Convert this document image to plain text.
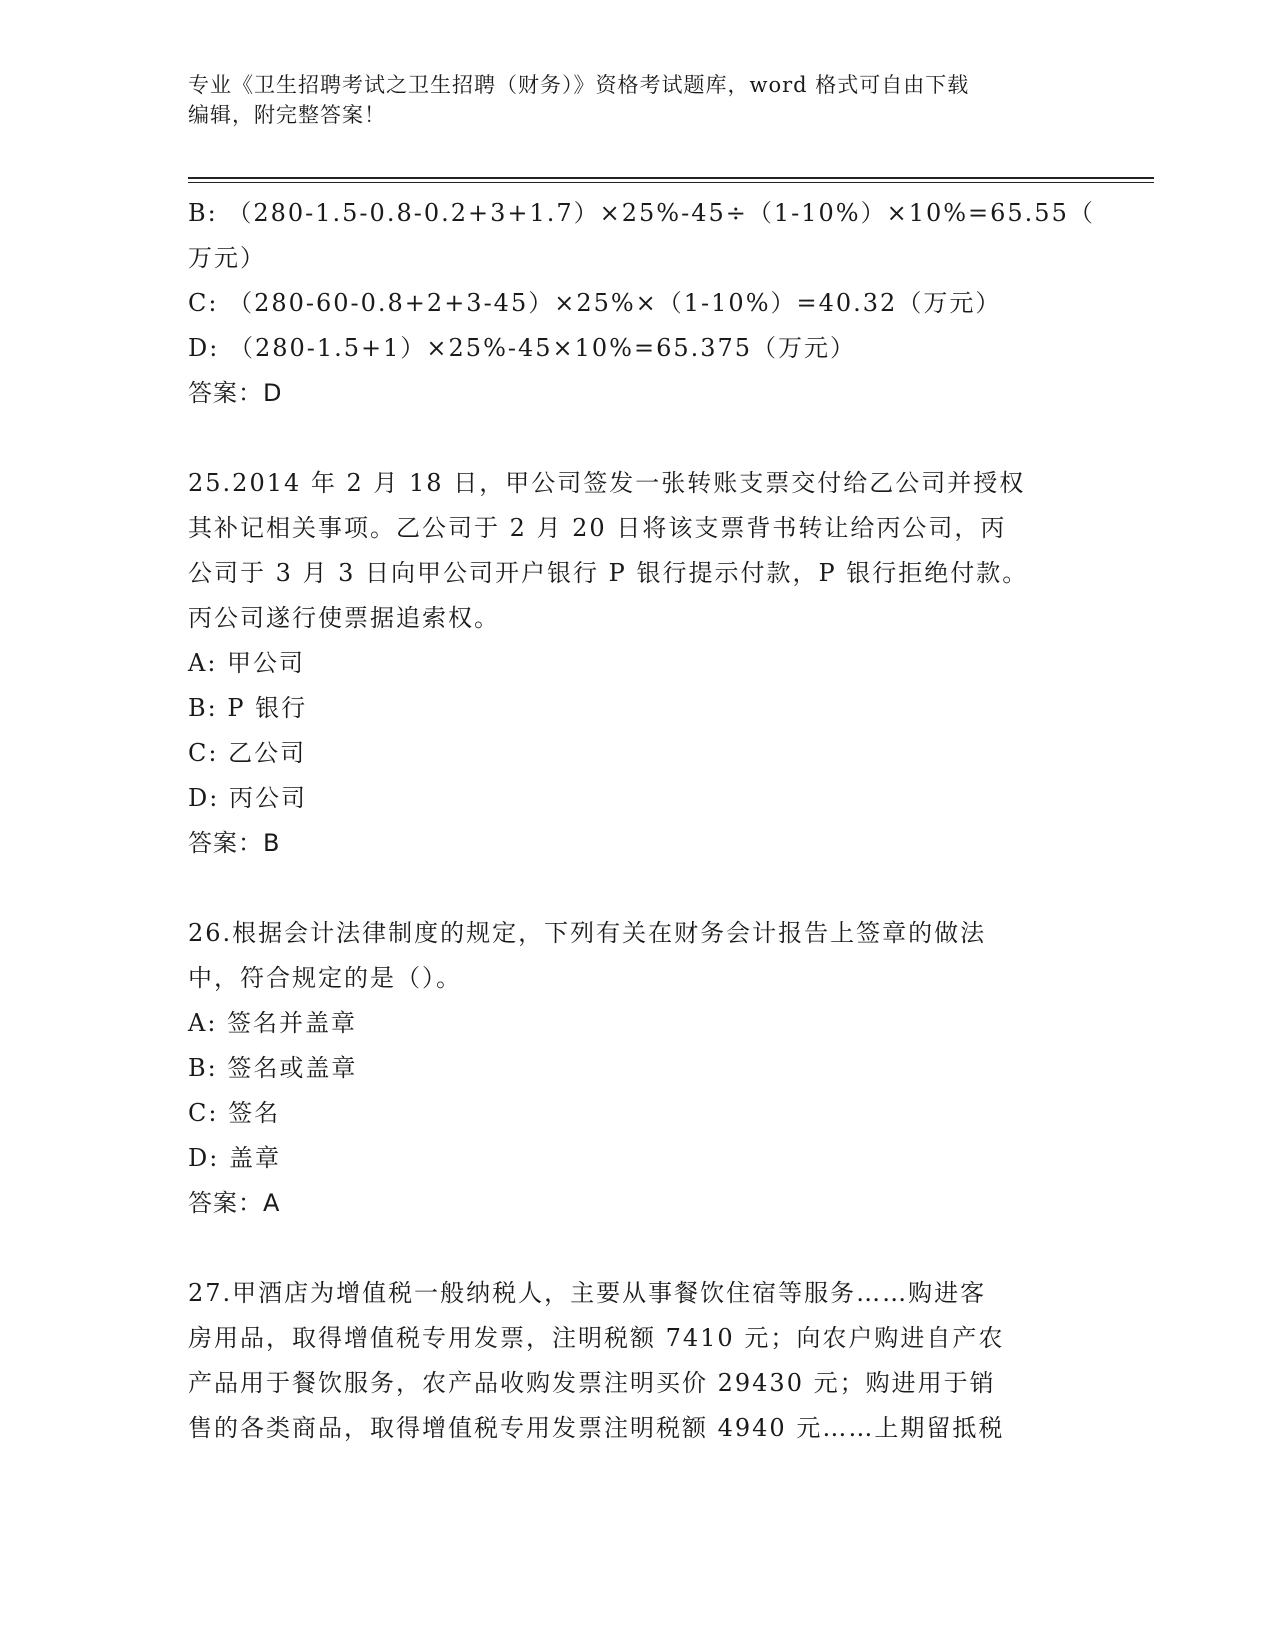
专业《卫生招聘考试之卫生招聘（财务）》资格考试题库，word 格式可自由下载
编辑，附完整答案！
B: （280-1.5-0.8-0.2+3+1.7）×25%-45÷（1-10%）×10%=65.55（
万元）
C: （280-60-0.8+2+3-45）×25%×（1-10%）=40.32（万元）
D: （280-1.5+1）×25%-45×10%=65.375（万元）
答案：D
25.2014 年 2 月 18 日，甲公司签发一张转账支票交付给乙公司并授权
其补记相关事项。乙公司于 2 月 20 日将该支票背书转让给丙公司，丙
公司于 3 月 3 日向甲公司开户银行 P 银行提示付款，P 银行拒绝付款。
丙公司遂行使票据追索权。
A: 甲公司
B: P 银行
C: 乙公司
D: 丙公司
答案：B
26.根据会计法律制度的规定，下列有关在财务会计报告上签章的做法
中，符合规定的是（）。
A: 签名并盖章
B: 签名或盖章
C: 签名
D: 盖章
答案：A
27.甲酒店为增值税一般纳税人，主要从事餐饮住宿等服务……购进客
房用品，取得增值税专用发票，注明税额 7410 元；向农户购进自产农
产品用于餐饮服务，农产品收购发票注明买价 29430 元；购进用于销
售的各类商品，取得增值税专用发票注明税额 4940 元……上期留抵税
